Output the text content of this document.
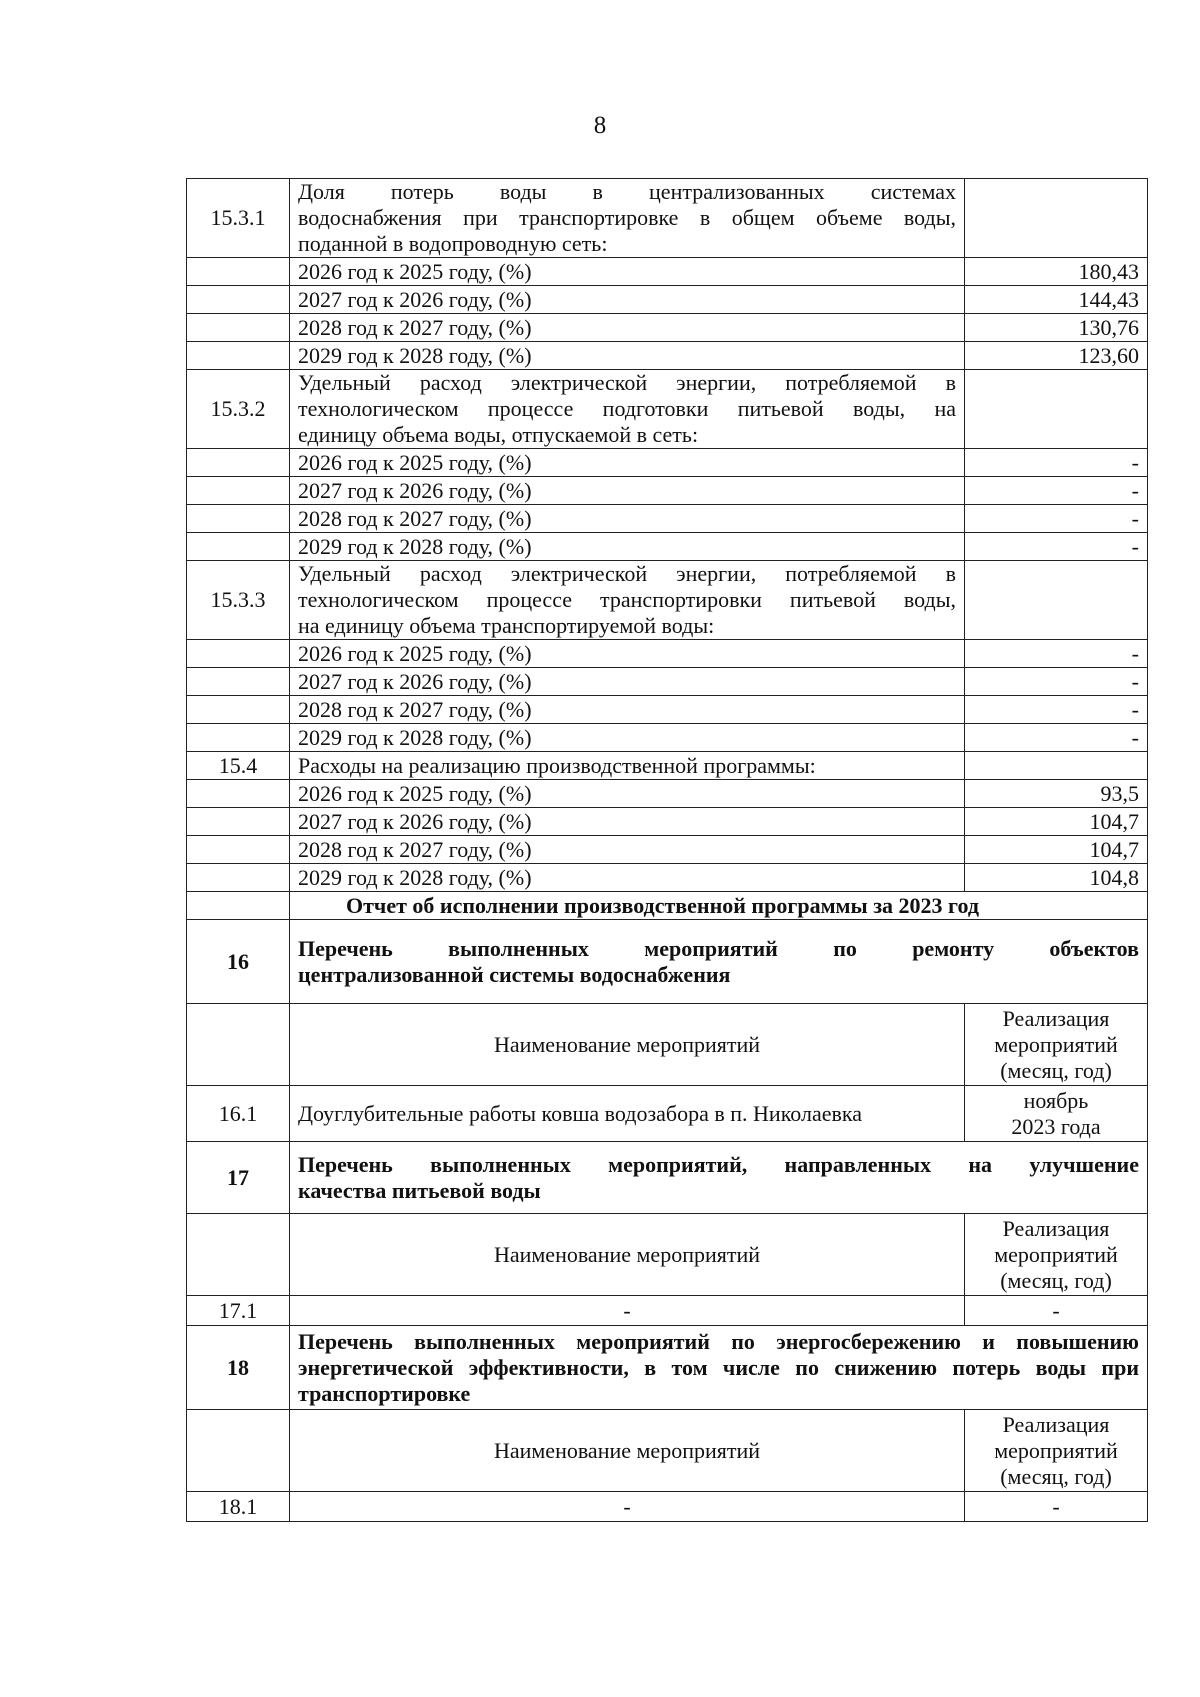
8
15.3.1	Доля потерь воды в централизованных системах
водоснабжения при транспортировке в общем объеме воды,
поданной в водопроводную сеть:	

	2026 год к 2025 году, (%)	180,43
	2027 год к 2026 году, (%)	144,43
	2028 год к 2027 году, (%)	130,76
	2029 год к 2028 году, (%)	123,60
15.3.2	Удельный расход электрической энергии, потребляемой в
технологическом процессе подготовки питьевой воды, на
единицу объема воды, отпускаемой в сеть:	

	2026 год к 2025 году, (%)	-
	2027 год к 2026 году, (%)	-
	2028 год к 2027 году, (%)	-
	2029 год к 2028 году, (%)	-
15.3.3	Удельный расход электрической энергии, потребляемой в
технологическом процессе транспортировки питьевой воды,
на единицу объема транспортируемой воды:	

	2026 год к 2025 году, (%)	-
	2027 год к 2026 году, (%)	-
	2028 год к 2027 году, (%)	-
	2029 год к 2028 году, (%)	-
15.4	Расходы на реализацию производственной программы:	
	2026 год к 2025 году, (%)	93,5
	2027 год к 2026 году, (%)	104,7
	2028 год к 2027 году, (%)	104,7
	2029 год к 2028 году, (%)	104,8
	Отчет об исполнении производственной программы за 2023 год	
16	Перечень выполненных мероприятий по ремонту объектов
централизованной системы водоснабжения	

	Наименование мероприятий	Реализация
мероприятий
(месяц, год)

16.1	Доуглубительные работы ковша водозабора в п. Николаевка	ноябрь
2023 года

17	Перечень выполненных мероприятий, направленных на улучшение
качества питьевой воды	

	Наименование мероприятий	Реализация
мероприятий
(месяц, год)

17.1	-	-
18	Перечень выполненных мероприятий по энергосбережению и повышению
энергетической эффективности, в том числе по снижению потерь воды при
транспортировке	

	Наименование мероприятий	Реализация
мероприятий
(месяц, год)

18.1	-	-
